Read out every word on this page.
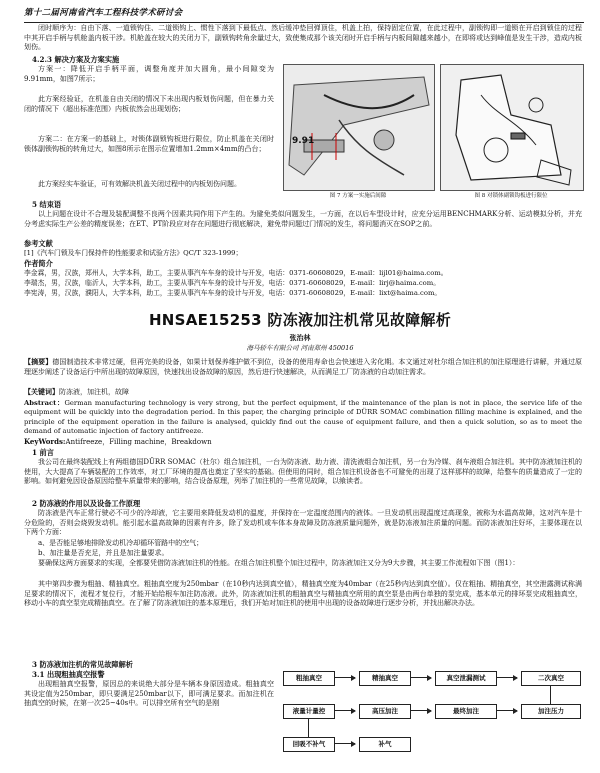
第十二届河南省汽车工程科技学术研讨会

闭时顺序为：自由下落、一道锁钩住、二道锁钩上、惯性下落到下最低点、然后缓冲垫回弹顶住，机盖上拍，保持固定位置，在此过程中，副锁钩即一道锁在开启到锁住的过程中其开启手柄与机舱盖内板干涉。机舱盖在较大的关闭力下，副锁钩转角余量过大，致使集成那个该关闭时开启手柄与内板间隙越来越小，在即将或达到峰值是发生干涉，造成内板划伤。

4.2.3 解决方案及方案实施

方案一：降低开启手柄平面，调整角度并加大圆角，最小间隙变为9.91mm，如图7所示；

此方案经验证，在机盖自由关闭的情况下未出现内板划伤问题，但在暴力关闭的情况下（超出标准范围）内板依然会出现划伤；

方案二：在方案一的基础上，对锁体副锁钩板进行限位，防止机盖在关闭时锁体副锁钩板的转角过大，如图8所示在图示位置增加1.2mm×4mm的凸台；

此方案经实车验证，可有效解决机盖关闭过程中的内板划伤问题。

9.91
图 7 方案一实施后间隙	图 8 对锁体副锁钩板进行限位
5 结束语

以上问题在设计不合理及装配调整不良两个因素共同作用下产生的。为避免类似问题发生，一方面，在以后车型设计时，应充分运用BENCHMARK分析、运动模拟分析，并充分考虑实际生产公差的精度误差；在ET、PT阶段应对存在问题进行彻底解决，避免带问题过门情况的发生，将问题消灭在SOP之前。

参考文献

[1]《汽车门锁及车门保持件的性能要求和试验方法》QC/T 323-1999；

作者简介

李金霖，男，汉族，郑州人，大学本科，助工，主要从事汽车车身的设计与开发，电话：0371-60608029，E-mail：lijl01@haima.com。

李瑞杰，男，汉族，临沂人，大学本科，助工，主要从事汽车车身的设计与开发，电话：0371-60608029，E-mail：lirj@haima.com。

李宪涛，男，汉族，濮阳人，大学本科，助工，主要从事汽车车身的设计与开发，电话：0371-60608029，E-mail：lixt@haima.com。

HNSAE15253 防冻液加注机常见故障解析
张治林
海马轿车有限公司 河南郑州 450016

【摘要】德国制造技术非常过硬，但再完美的设备，如果计划保养维护做不到位，设备的使用寿命也会快速进入劣化期。本文通过对杜尔组合加注机的加注原理进行讲解，并通过原理逐步阐述了设备运行中所出现的故障原因，快速找出设备故障的原因，然后进行快速解决，从而满足工厂防冻液的自动加注需求。

【关键词】防冻液，加注机，故障

Abstract：German manufacturing technology is very strong, but the perfect equipment, if the maintenance of the plan is not in place, the service life of the equipment will be quickly into the degradation period. In this paper, the charging principle of DÜRR SOMAC combination filling machine is explained, and the principle of the equipment operation in the failure is analysed, quickly find out the cause of equipment failure, and then a quick solution, so as to meet the demand of automatic injection of factory antifreeze.

KeyWords:Antifreeze，Filling machine，Breakdown

1 前言

我公司在最终装配线上有两组德国DÜRR SOMAC（杜尔）组合加注机，一台为防冻液、助力液、清洗液组合加注机，另一台为冷媒、刹车液组合加注机。其中防冻液加注机的使用，大大提高了车辆装配的工作效率，对工厂环境的提高也奠定了坚实的基础。但使用的同时，组合加注机设备也不可避免的出现了这样那样的故障，给整车的质量造成了一定的影响。如何避免因设备原因给整车质量带来的影响，结合设备原理，列举了加注机的一些常见故障，以飨读者。

2 防冻液的作用以及设备工作原理

防冻液是汽车正常行驶必不可少的冷却液，它主要用来降低发动机的温度，并保持在一定温度范围内的液体。一旦发动机出现温度过高现象，被称为水温高故障，这对汽车是十分危险的，否则会烧毁发动机。能引起水温高故障的因素有许多，除了发动机或车体本身故障及防冻液质量问题外，就是防冻液加注质量的问题。而防冻液加注好坏，主要体现在以下两个方面：

a、是否能足够地排除发动机冷却循环管路中的空气；

b、加注量是否充足，并且是加注量要求。

要确保这两方面要求的实现，全都要凭借防冻液加注机的性能。在组合加注机整个加注过程中，防冻液加注又分为9大步骤，其主要工作流程如下图（图1）：

其中第四步骤为粗抽、精抽真空。粗抽真空度为250mbar（在10秒内达到真空值），精抽真空度为40mbar（在25秒内达到真空值）。仅在粗抽、精抽真空，其空泄露测试称满足要求的情况下，流程才复位行，才能开始给根车加注防冻液。此外，防冻液加注机的粗抽真空与精抽真空所用的真空泵是由两台单独的泵完成，基本单元的排环泵完成粗抽真空，移动小车的真空泵完成精抽真空。在了解了防冻液加注的基本原理后，我们开始对加注机的使用中出现的设备故障进行逐步分析，并找出解决办法。

3 防冻液加注机的常见故障解析
3.1 出现粗抽真空报警

出现粗抽真空报警，原因总的来说绝大部分是车辆本身原因造成。粗抽真空其设定值为250mbar，即只要满足250mbar以下，即可满足要求。而加注机在抽真空的时候，在第一次25~40s中。可以排空所有空气的是刚

粗抽真空	精抽真空	真空泄漏测试	二次真空
液量计量控	高压加注	最终加注	加注压力
回吸不补气	补气
